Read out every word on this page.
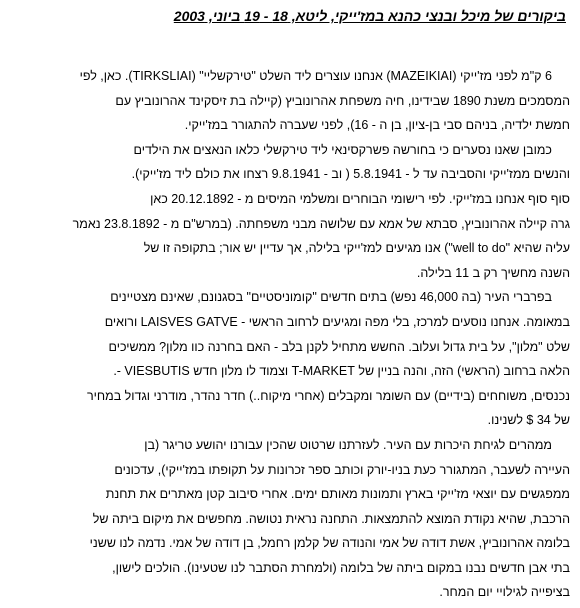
ביקורים של מיכל ובנצי כהנא במז'ייקי, ליטא, 18 - 19 ביוני, 2003
6 ק"מ לפני מז'ייקי (MAZEIKIAI) אנחנו עוצרים ליד השלט "טירקשליי" (TIRKSLIAI). כאן, לפי
המסמכים משנת 1890 שבידינו, חיה משפחת אהרונוביץ (קיילה בת זיסקינד אהרונוביץ עם
חמשת ילדיה, בניהם סבי בן-ציון, בן ה - 16), לפני שעברה להתגורר במז'ייקי.
כמובן שאנו נסערים כי בחורשה פשרקסינאי ליד טירקשלי כלאו הנאצים את הילדים
והנשים ממז'ייקי והסביבה עד ל - 5.8.1941 ( וב - 9.8.1941 רצחו את כולם ליד מז'ייקי).
סוף סוף אנחנו במז'ייקי. לפי רישומי הבוחרים ומשלמי המיסים מ - 20.12.1892 כאן
גרה קיילה אהרונוביץ, סבתא של אמא עם שלושה מבני משפחתה. (במרש"ם מ - 23.8.1892 נאמר
עליה שהיא "well to do") אנו מגיעים למז'ייקי בלילה, אך עדיין יש אור; בתקופה זו של
השנה מחשיך רק ב 11 בלילה.
בפרברי העיר (בה 46,000 נפש) בתים חדשים "קומוניסטיים" בסגנונם, שאינם מצטיינים
במאומה. אנחנו נוסעים למרכז, בלי מפה ומגיעים לרחוב הראשי - LAISVES GATVE ורואים
שלט "מלון", על בית גדול ועלוב. החשש מתחיל לקנן בלב - האם בחרנה כוו מלון? ממשיכים
הלאה ברחוב (הראשי) הזה, והנה בניין של T-MARKET וצמוד לו מלון חדש VIESBUTIS -.
נכנסים, משוחחים (בידיים) עם השומר ומקבלים (אחרי מיקוח..) חדר נהדר, מודרני וגדול במחיר
של 34 $ לשנינו.
ממהרים לגיחת היכרות עם העיר. לעזרתנו שרטוט שהכין עבורנו יהושע טריגר (בן
העיירה לשעבר, המתגורר כעת בניו-יורק וכותב ספר זכרונות על תקופתו במז'ייקי), עדכונים
ממפגשים עם יוצאי מז'ייקי בארץ ותמונות מאותם ימים. אחרי סיבוב קטן מאתרים את תחנת
הרכבת, שהיא נקודת המוצא להתמצאות. התחנה נראית נטושה. מחפשים את מיקום ביתה של
בלומה אהרונוביץ, אשת דודה של אמי והנודה של קלמן רחמל, בן דודה של אמי. נדמה לנו ששני
בתי אבן חדשים נבנו במקום ביתה של בלומה (ולמחרת הסתבר לנו שטעינו). הולכים לישון,
בציפייה לגילויי יום המחר.
